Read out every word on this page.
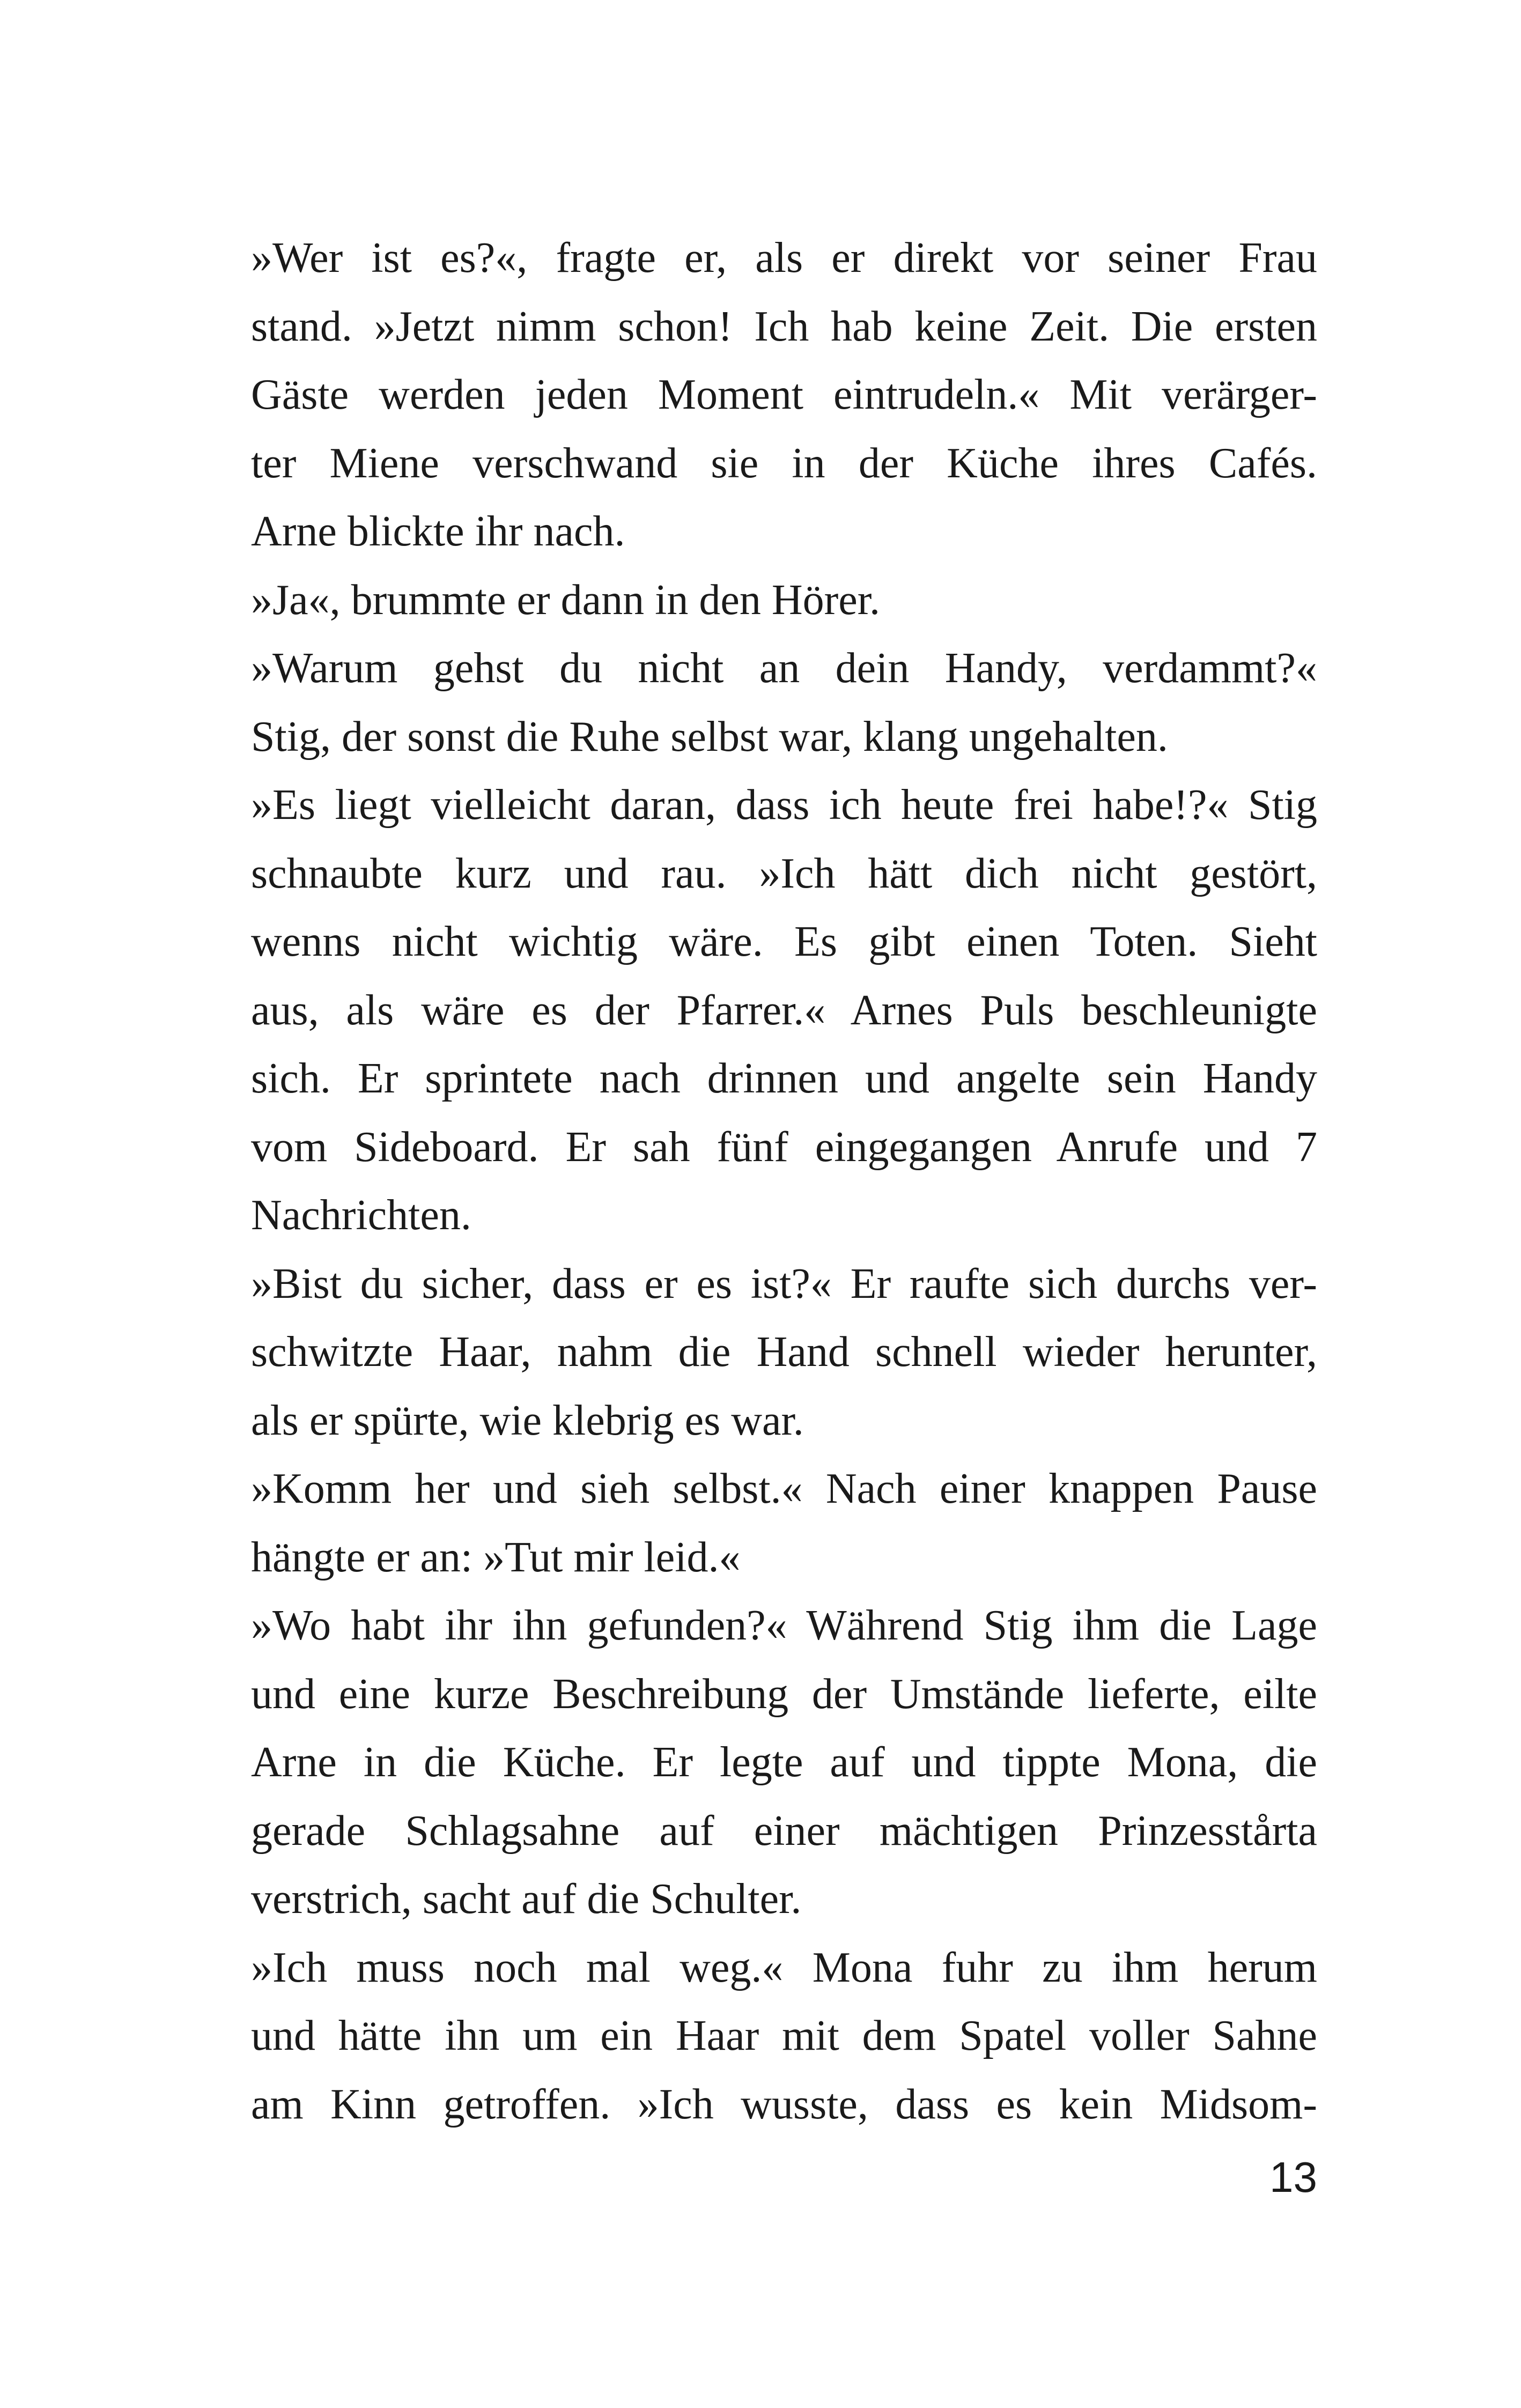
»Wer ist es?«, fragte er, als er direkt vor seiner Frau
stand. »Jetzt nimm schon! Ich hab keine Zeit. Die ersten
Gäste werden jeden Moment eintrudeln.« Mit verärger-
ter Miene verschwand sie in der Küche ihres Cafés.
Arne blickte ihr nach.
»Ja«, brummte er dann in den Hörer.
»Warum gehst du nicht an dein Handy, verdammt?«
Stig, der sonst die Ruhe selbst war, klang ungehalten.
»Es liegt vielleicht daran, dass ich heute frei habe!?« Stig
schnaubte kurz und rau. »Ich hätt dich nicht gestört,
wenns nicht wichtig wäre. Es gibt einen Toten. Sieht
aus, als wäre es der Pfarrer.« Arnes Puls beschleunigte
sich. Er sprintete nach drinnen und angelte sein Handy
vom Sideboard. Er sah fünf eingegangen Anrufe und 7
Nachrichten.
»Bist du sicher, dass er es ist?« Er raufte sich durchs ver-
schwitzte Haar, nahm die Hand schnell wieder herunter,
als er spürte, wie klebrig es war.
»Komm her und sieh selbst.« Nach einer knappen Pause
hängte er an: »Tut mir leid.«
»Wo habt ihr ihn gefunden?« Während Stig ihm die Lage
und eine kurze Beschreibung der Umstände lieferte, eilte
Arne in die Küche. Er legte auf und tippte Mona, die
gerade Schlagsahne auf einer mächtigen Prinzesstårta
verstrich, sacht auf die Schulter.
»Ich muss noch mal weg.« Mona fuhr zu ihm herum
und hätte ihn um ein Haar mit dem Spatel voller Sahne
am Kinn getroffen. »Ich wusste, dass es kein Midsom-
13
